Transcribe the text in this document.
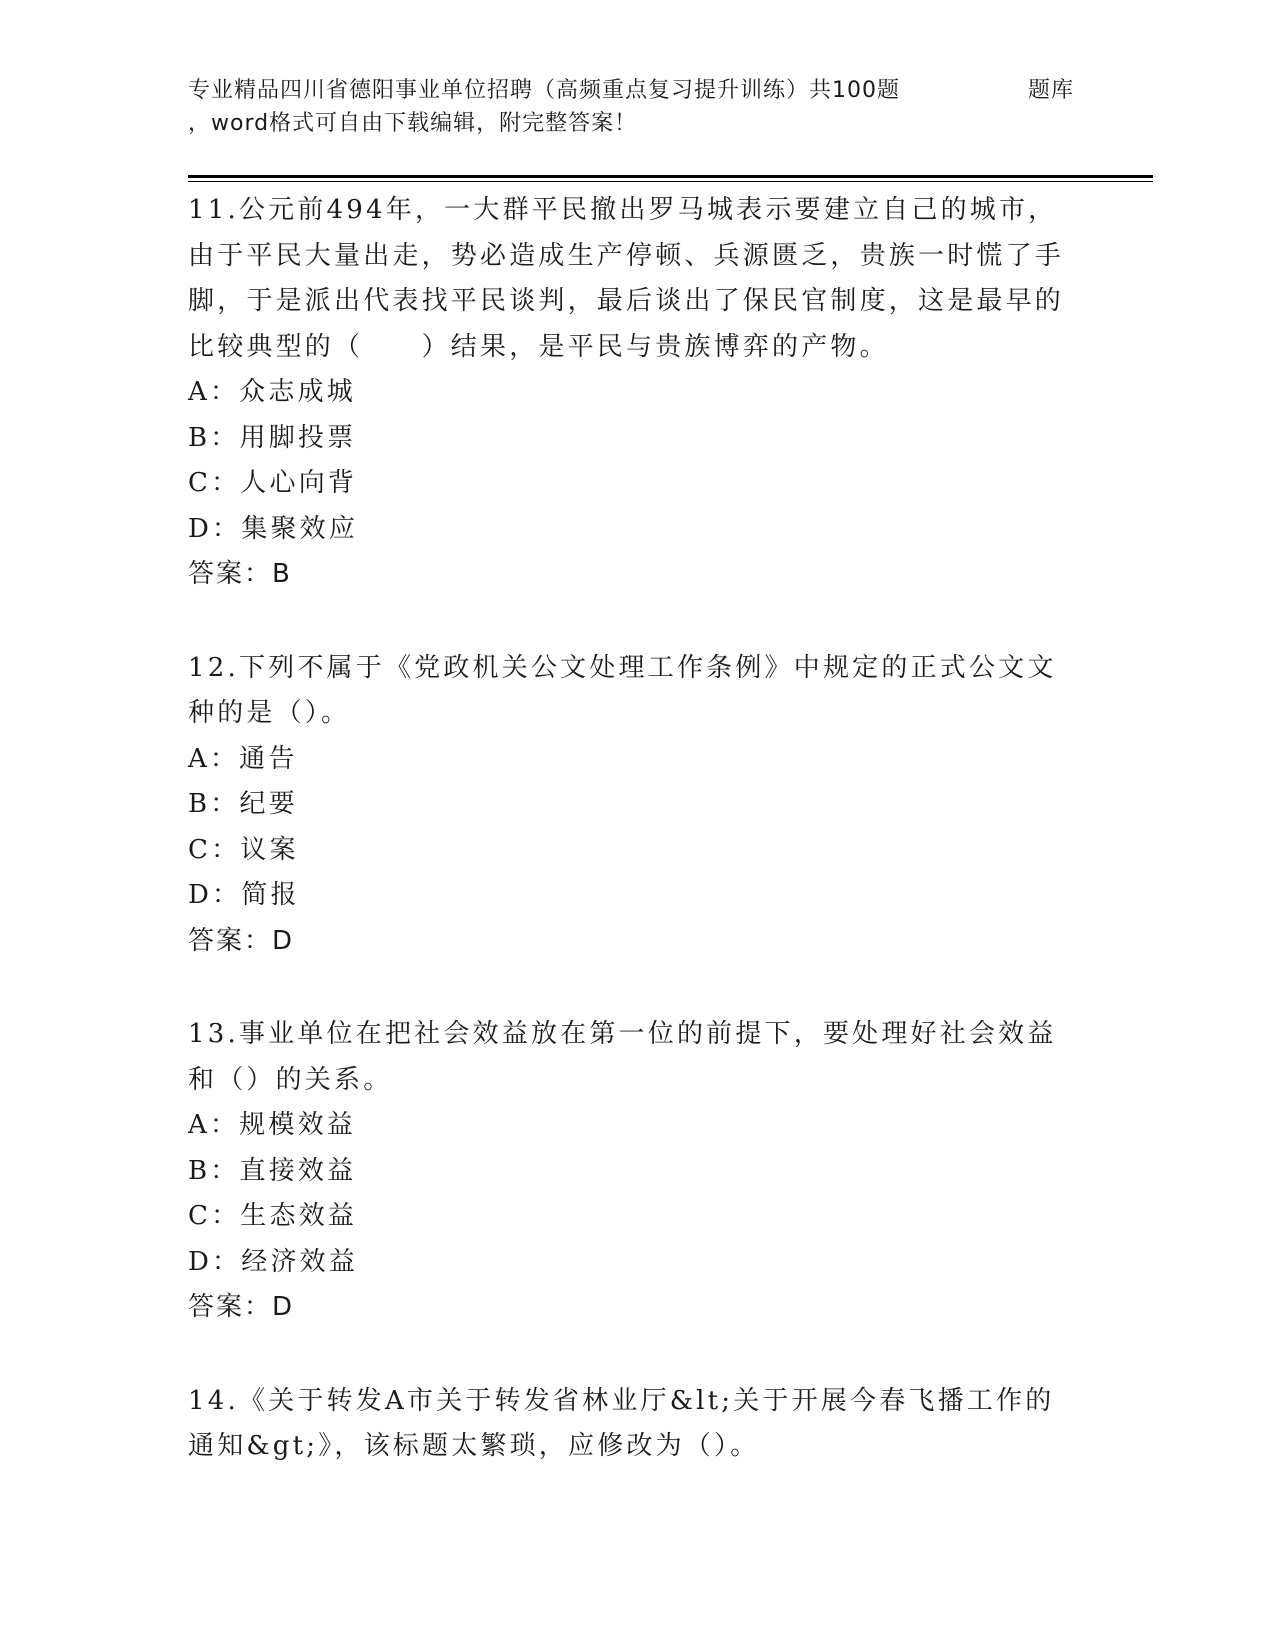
专业精品四川省德阳事业单位招聘（高频重点复习提升训练）共100题	题库
，word格式可自由下载编辑，附完整答案！

11.公元前494年，一大群平民撤出罗马城表示要建立自己的城市，由于平民大量出走，势必造成生产停顿、兵源匮乏，贵族一时慌了手脚，于是派出代表找平民谈判，最后谈出了保民官制度，这是最早的比较典型的（　　）结果，是平民与贵族博弈的产物。

A：众志成城

B：用脚投票

C：人心向背

D：集聚效应

答案：B

12.下列不属于《党政机关公文处理工作条例》中规定的正式公文文种的是（）。

A：通告

B：纪要

C：议案

D：简报

答案：D

13.事业单位在把社会效益放在第一位的前提下，要处理好社会效益和（）的关系。

A：规模效益

B：直接效益

C：生态效益

D：经济效益

答案：D

14.《关于转发A市关于转发省林业厅&lt;关于开展今春飞播工作的通知&gt;》，该标题太繁琐，应修改为（）。
